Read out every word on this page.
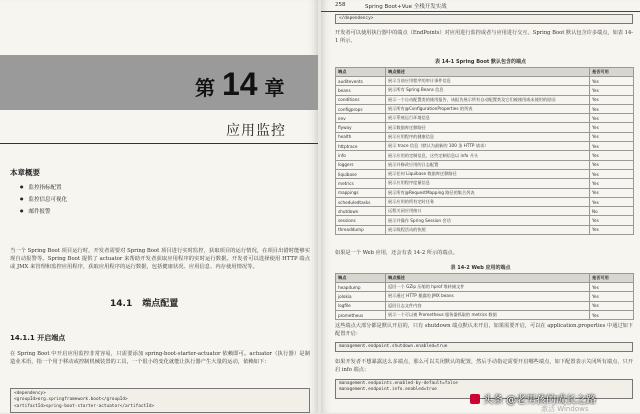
第 14 章
应用监控
本章概要
● 监控指标配置
● 监控信息可视化
● 邮件报警
当一个 Spring Boot 项目运行时，开发者需要对 Spring Boot 项目进行实时监控，获取项目的运行情况，在项目出错时能够实现自动报警等。Spring Boot 提供了 actuator 来帮助开发者获取应用程序的实时运行数据。开发者可以选择使用 HTTP 端点或 JMX 来管理和监控应用程序，获取应用程序的运行数据，包括健康状况、应用信息、内存使用情况等。
14.1 端点配置
14.1.1 开启端点
在 Spring Boot 中开启应用监控非常容易，只需要添加 spring-boot-starter-actuator 依赖即可。actuator（执行器）是制造业术语，指一个用于移动或控制机械装置的工具，一个很小的变化就能让执行器产生大量的运动，依赖如下：
<dependency>
<groupId>org.springframework.boot</groupId>
<artifactId>spring-boot-starter-actuator</artifactId>
258	Spring Boot+Vue 全栈开发实战
</dependency>
开发者可以使用执行器中的端点（EndPoints）对应用进行监控或者与应用进行交互。Spring Boot 默认包含许多端点，如表 14-1 所示。
表 14-1 Spring Boot 默认包含的端点
端点	端点描述	是否可用
auditevents	展示当前应用程序的审计事件信息	Yes
beans	展示所有 Spring Beans 信息	Yes
conditions	展示一个自动配置类的使用报告，该报告展示所有自动配置类及它们被使用或未使用的原因	Yes
configprops	展示所有@ConfigurationProperties 的列表	Yes
env	展示系统运行环境信息	Yes
flyway	展示数据库迁移路径	Yes
health	展示应用程序的健康信息	Yes
httptrace	展示 trace 信息（默认为最新的 100 条 HTTP 请求）	Yes
info	展示应用的定制信息，这些定制信息以 info 开头	Yes
loggers	展示并修改应用的日志配置	Yes
liquibase	展示任何 Liquibase 数据库迁移路径	Yes
metrics	展示应用程序度量信息	Yes
mappings	展示所有@RequestMapping 路径的集合列表	Yes
scheduledtasks	展示应用的所有定时任务	Yes
shutdown	远程关闭应用接口	No
sessions	展示并操作 Spring Session 会话	Yes
threaddump	展示线程活动的快照	Yes
如果是一个 Web 应用，还会有表 14-2 所示的端点。
表 14-2 Web 应用的端点
端点	端点描述	是否可用
heapdump	返回一个 GZip 压缩的 hprof 堆转储文件	Yes
jolokia	展示通过 HTTP 暴露的 JMX beans	Yes
logfile	返回日志文件内容	Yes
prometheus	展示一个可以被 Prometheus 服务器抓取的 metrics 数据	Yes
这些端点大部分都是默认开启的，只有 shutdown 端点默认未开启，如果需要开启，可以在 application.properties 中通过如下配置开启：
management.endpoint.shutdown.enabled=true
如果开发者不想暴露这么多端点，那么可以关闭默认的配置，然后手动指定需要开启哪些端点，如下配置表示关闭所有端点，只开启 info 端点：
management.endpoints.enabled-by-default=false
management.endpoint.info.enabled=true
头条 @老男孩的成长之路
激活 Windows
